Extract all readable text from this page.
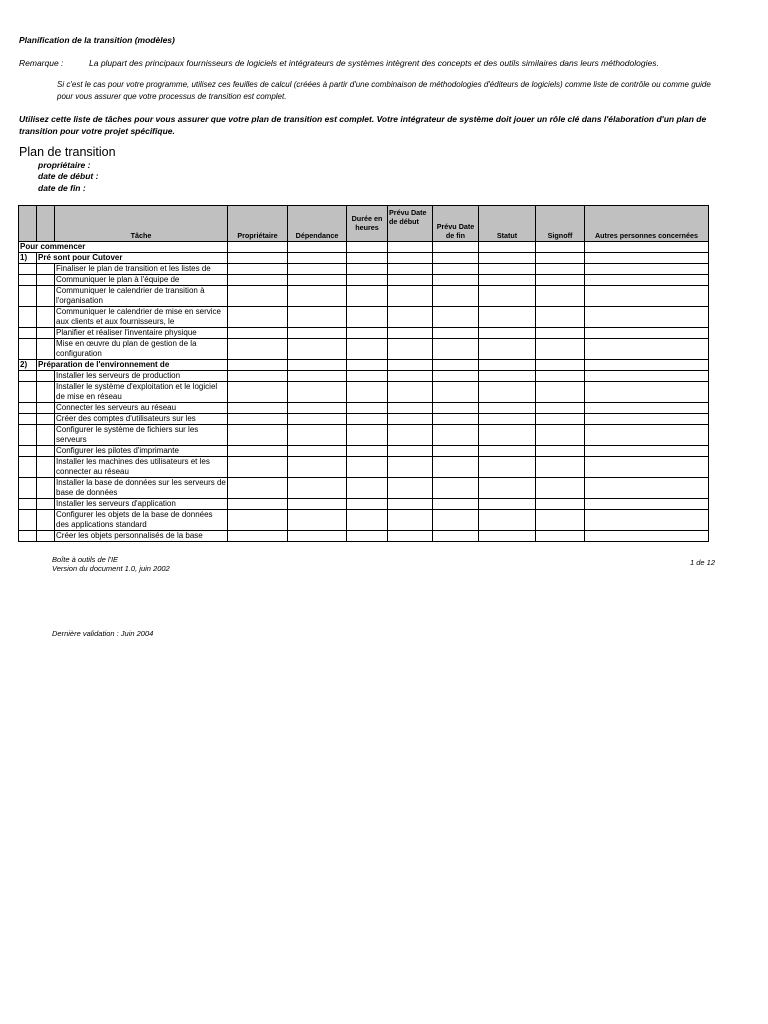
Planification de la transition (modèles)
Remarque :	La plupart des principaux fournisseurs de logiciels et intégrateurs de systèmes intègrent des concepts et des outils similaires dans leurs méthodologies.
Si c'est le cas pour votre programme, utilisez ces feuilles de calcul (créées à partir d'une combinaison de méthodologies d'éditeurs de logiciels) comme liste de contrôle ou comme guide pour vous assurer que votre processus de transition est complet.
Utilisez cette liste de tâches pour vous assurer que votre plan de transition est complet. Votre intégrateur de système doit jouer un rôle clé dans l'élaboration d'un plan de transition pour votre projet spécifique.
Plan de transition
propriétaire :
date de début :
date de fin :
		Tâche	Propriétaire	Dépendance	Durée en heures	Prévu Date de début	Prévu Date de fin	Statut	Signoff	Autres personnes concernées
Pour commencer										
1)	Pré sont pour Cutover									
		Finaliser le plan de transition et les listes de								
		Communiquer le plan à l'équipe de								
		Communiquer le calendrier de transition à l'organisation								
		Communiquer le calendrier de mise en service aux clients et aux fournisseurs, le								
		Planifier et réaliser l'inventaire physique								
		Mise en œuvre du plan de gestion de la configuration								
2)	Préparation de l'environnement de									
		Installer les serveurs de production								
		Installer le système d'exploitation et le logiciel de mise en réseau								
		Connecter les serveurs au réseau								
		Créer des comptes d'utilisateurs sur les								
		Configurer le système de fichiers sur les serveurs								
		Configurer les pilotes d'imprimante								
		Installer les machines des utilisateurs et les connecter au réseau								
		Installer la base de données sur les serveurs de base de données								
		Installer les serveurs d'application								
		Configurer les objets de la base de données des applications standard								
		Créer les objets personnalisés de la base								
Boîte à outils de l'IE
Version du document 1.0, juin 2002
1 de 12
Dernière validation : Juin 2004
